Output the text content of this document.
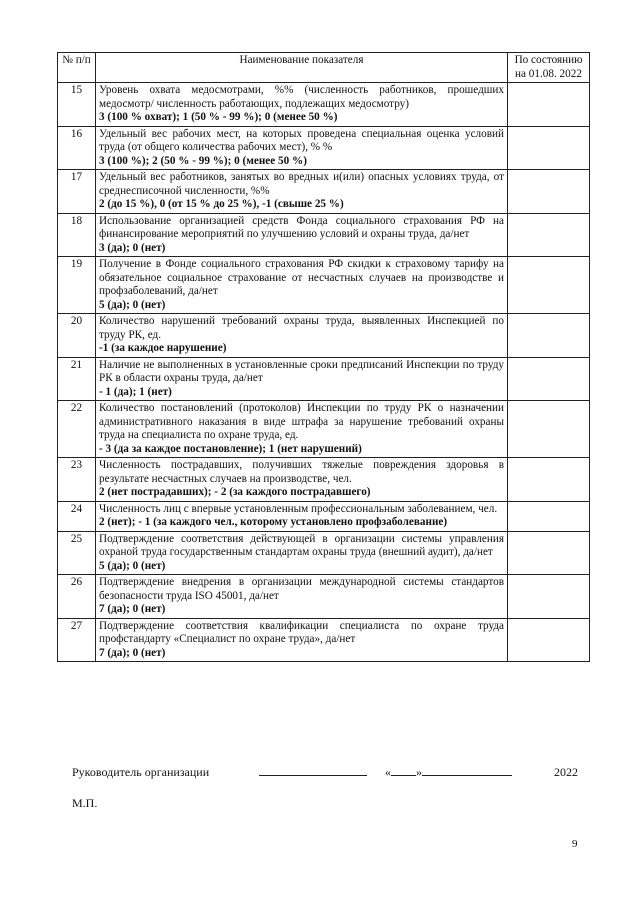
№ п/п	Наименование показателя	По состоянию на 01.08. 2022
15	Уровень охвата медосмотрами, %% (численность работников, прошедших медосмотр/ численность работающих, подлежащих медосмотру)
3 (100 % охват); 1 (50 % - 99 %); 0 (менее 50 %)	

16	Удельный вес рабочих мест, на которых проведена специальная оценка условий труда (от общего количества рабочих мест), % %
3 (100 %); 2 (50 % - 99 %); 0 (менее 50 %)	

17	Удельный вес работников, занятых во вредных и(или) опасных условиях труда, от среднесписочной численности, %%
2 (до 15 %), 0 (от 15 % до 25 %), -1 (свыше 25 %)	

18	Использование организацией средств Фонда социального страхования РФ на финансирование мероприятий по улучшению условий и охраны труда, да/нет
3 (да); 0 (нет)	

19	Получение в Фонде социального страхования РФ скидки к страховому тарифу на обязательное социальное страхование от несчастных случаев на производстве и профзаболеваний, да/нет
5 (да); 0 (нет)	

20	Количество нарушений требований охраны труда, выявленных Инспекцией по труду РК, ед.
-1 (за каждое нарушение)	

21	Наличие не выполненных в установленные сроки предписаний Инспекции по труду РК в области охраны труда, да/нет
- 1 (да); 1 (нет)	

22	Количество постановлений (протоколов) Инспекции по труду РК о назначении административного наказания в виде штрафа за нарушение требований охраны труда на специалиста по охране труда, ед.
- 3 (да за каждое постановление); 1 (нет нарушений)	

23	Численность пострадавших, получивших тяжелые повреждения здоровья в результате несчастных случаев на производстве, чел.
2 (нет пострадавших); - 2 (за каждого пострадавшего)	

24	Численность лиц с впервые установленным профессиональным заболеванием, чел.
2 (нет); - 1 (за каждого чел., которому установлено профзаболевание)	

25	Подтверждение соответствия действующей в организации системы управления охраной труда государственным стандартам охраны труда (внешний аудит), да/нет
5 (да); 0 (нет)	

26	Подтверждение внедрения в организации международной системы стандартов безопасности труда ISO 45001, да/нет
7 (да); 0 (нет)	

27	Подтверждение соответствия квалификации специалиста по охране труда профстандарту «Специалист по охране труда», да/нет
7 (да); 0 (нет)	

Руководитель организации	« »	2022
М.П.
9
